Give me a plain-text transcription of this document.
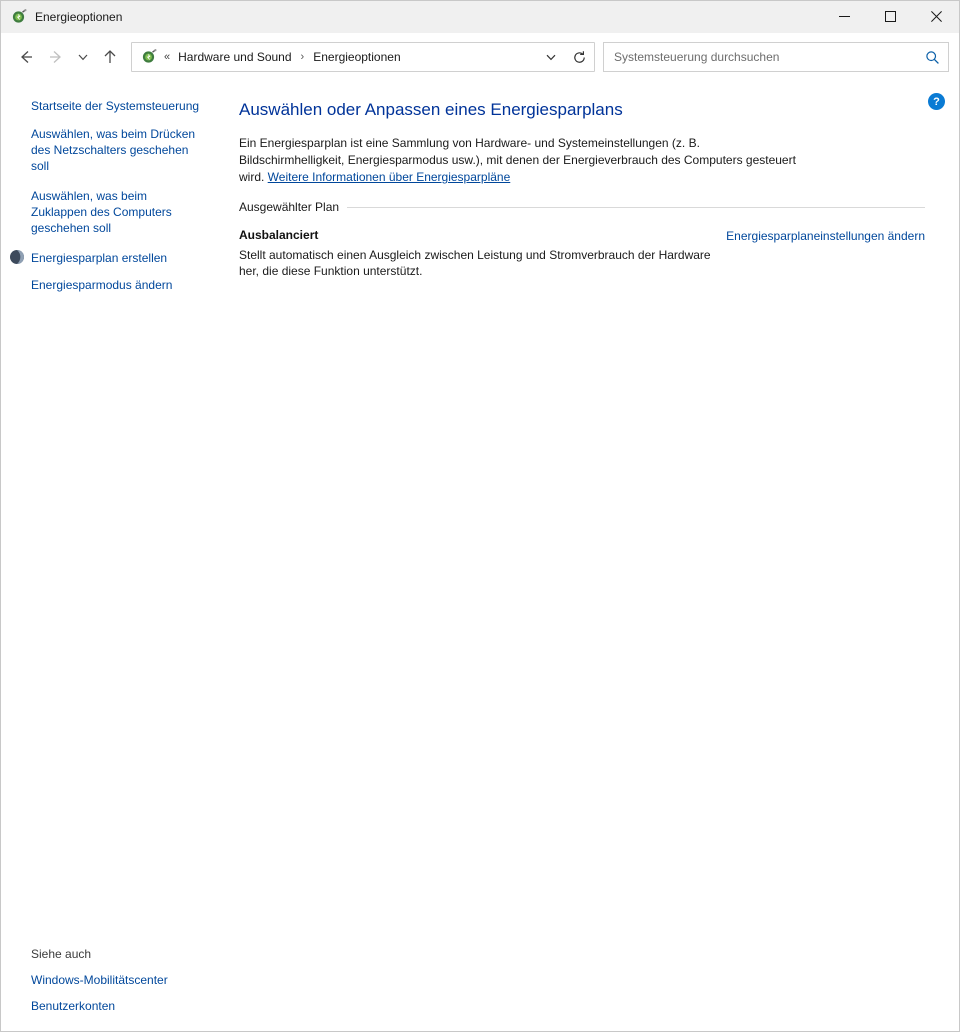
Energieoptionen
« Hardware und Sound › Energieoptionen
Systemsteuerung durchsuchen
Startseite der Systemsteuerung
Auswählen, was beim Drücken des Netzschalters geschehen soll
Auswählen, was beim Zuklappen des Computers geschehen soll
Energiesparplan erstellen
Energiesparmodus ändern
Siehe auch
Windows-Mobilitätscenter
Benutzerkonten
?
Auswählen oder Anpassen eines Energiesparplans

Ein Energiesparplan ist eine Sammlung von Hardware- und Systemeinstellungen (z. B. Bildschirmhelligkeit, Energiesparmodus usw.), mit denen der Energieverbrauch des Computers gesteuert wird. Weitere Informationen über Energiesparpläne

Ausgewählter Plan
Ausbalanciert
Stellt automatisch einen Ausgleich zwischen Leistung und Stromverbrauch der Hardware her, die diese Funktion unterstützt.
Energiesparplaneinstellungen ändern
